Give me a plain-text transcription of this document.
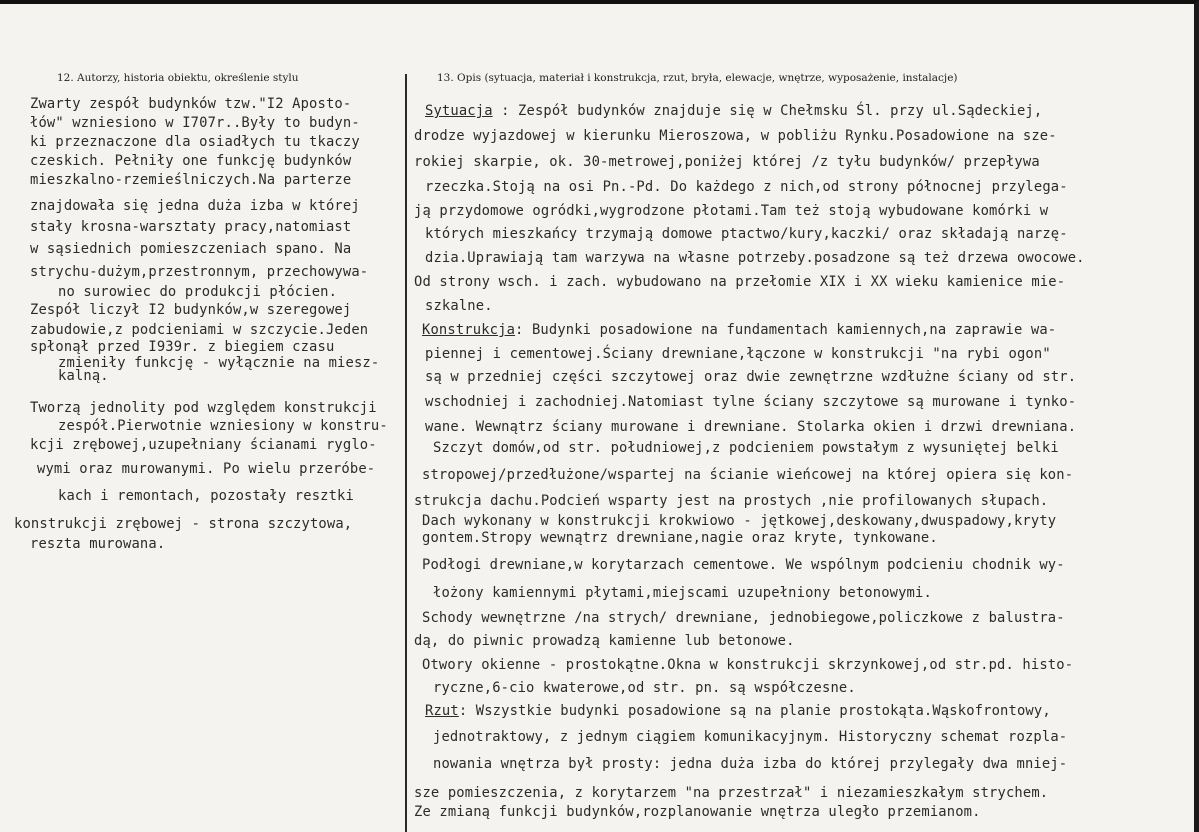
12. Autorzy, historia obiektu, określenie stylu	13. Opis (sytuacja, materiał i konstrukcja, rzut, bryła, elewacje, wnętrze, wyposażenie, instalacje)
Zwarty zespół budynków tzw."I2 Aposto-
łów" wzniesiono w I707r..Były to budyn-
ki przeznaczone dla osiadłych tu tkaczy
czeskich. Pełniły one funkcję budynków
mieszkalno-rzemieślniczych.Na parterze
znajdowała się jedna duża izba w której
stały krosna-warsztaty pracy,natomiast
w sąsiednich pomieszczeniach spano. Na
strychu-dużym,przestronnym, przechowywa-
no surowiec do produkcji płócien.
Zespół liczył I2 budynków,w szeregowej
zabudowie,z podcieniami w szczycie.Jeden
spłonął przed I939r. z biegiem czasu
zmieniły funkcję - wyłącznie na miesz-
kalną.
Tworzą jednolity pod względem konstrukcji
zespół.Pierwotnie wzniesiony w konstru-
kcji zrębowej,uzupełniany ścianami ryglo-
wymi oraz murowanymi. Po wielu przeróbe-
kach i remontach, pozostały resztki
konstrukcji zrębowej - strona szczytowa,
reszta murowana.
Sytuacja : Zespół budynków znajduje się w Chełmsku Śl. przy ul.Sądeckiej,
drodze wyjazdowej w kierunku Mieroszowa, w pobliżu Rynku.Posadowione na sze-
rokiej skarpie, ok. 30-metrowej,poniżej której /z tyłu budynków/ przepływa
rzeczka.Stoją na osi Pn.-Pd. Do każdego z nich,od strony północnej przylega-
ją przydomowe ogródki,wygrodzone płotami.Tam też stoją wybudowane komórki w
których mieszkańcy trzymają domowe ptactwo/kury,kaczki/ oraz składają narzę-
dzia.Uprawiają tam warzywa na własne potrzeby.posadzone są też drzewa owocowe.
Od strony wsch. i zach. wybudowano na przełomie XIX i XX wieku kamienice mie-
szkalne.
Konstrukcja: Budynki posadowione na fundamentach kamiennych,na zaprawie wa-
piennej i cementowej.Ściany drewniane,łączone w konstrukcji "na rybi ogon"
są w przedniej części szczytowej oraz dwie zewnętrzne wzdłużne ściany od str.
wschodniej i zachodniej.Natomiast tylne ściany szczytowe są murowane i tynko-
wane. Wewnątrz ściany murowane i drewniane. Stolarka okien i drzwi drewniana.
Szczyt domów,od str. południowej,z podcieniem powstałym z wysuniętej belki
stropowej/przedłużone/wspartej na ścianie wieńcowej na której opiera się kon-
strukcja dachu.Podcień wsparty jest na prostych ,nie profilowanych słupach.
Dach wykonany w konstrukcji krokwiowo - jętkowej,deskowany,dwuspadowy,kryty
gontem.Stropy wewnątrz drewniane,nagie oraz kryte, tynkowane.
Podłogi drewniane,w korytarzach cementowe. We wspólnym podcieniu chodnik wy-
łożony kamiennymi płytami,miejscami uzupełniony betonowymi.
Schody wewnętrzne /na strych/ drewniane, jednobiegowe,policzkowe z balustra-
dą, do piwnic prowadzą kamienne lub betonowe.
Otwory okienne - prostokątne.Okna w konstrukcji skrzynkowej,od str.pd. histo-
ryczne,6-cio kwaterowe,od str. pn. są współczesne.
Rzut: Wszystkie budynki posadowione są na planie prostokąta.Wąskofrontowy,
jednotraktowy, z jednym ciągiem komunikacyjnym. Historyczny schemat rozpla-
nowania wnętrza był prosty: jedna duża izba do której przylegały dwa mniej-
sze pomieszczenia, z korytarzem "na przestrzał" i niezamieszkałym strychem.
Ze zmianą funkcji budynków,rozplanowanie wnętrza uległo przemianom.
